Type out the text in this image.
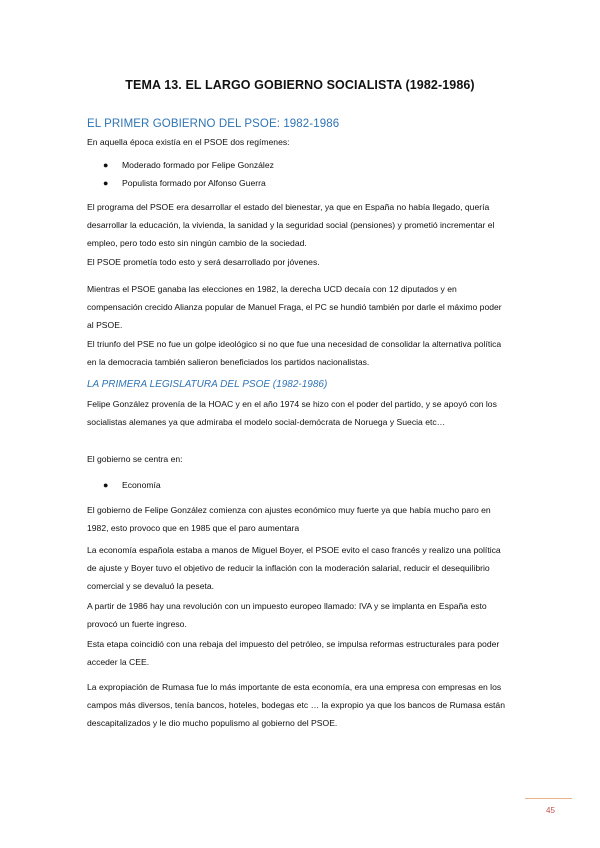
TEMA 13. EL LARGO GOBIERNO SOCIALISTA (1982-1986)
EL PRIMER GOBIERNO DEL PSOE: 1982-1986

En aquella época existía en el PSOE dos regímenes:

● Moderado formado por Felipe González
● Populista formado por Alfonso Guerra

El programa del PSOE era desarrollar el estado del bienestar, ya que en España no había llegado, quería desarrollar la educación, la vivienda, la sanidad y la seguridad social (pensiones) y prometió incrementar el empleo, pero todo esto sin ningún cambio de la sociedad.

El PSOE prometía todo esto y será desarrollado por jóvenes.

Mientras el PSOE ganaba las elecciones en 1982, la derecha UCD decaía con 12 diputados y en compensación crecido Alianza popular de Manuel Fraga, el PC se hundió también por darle el máximo poder al PSOE.

El triunfo del PSE no fue un golpe ideológico si no que fue una necesidad de consolidar la alternativa política en la democracia también salieron beneficiados los partidos nacionalistas.

LA PRIMERA LEGISLATURA DEL PSOE (1982-1986)

Felipe González provenía de la HOAC y en el año 1974 se hizo con el poder del partido, y se apoyó con los socialistas alemanes ya que admiraba el modelo social-demócrata de Noruega y Suecia etc…

El gobierno se centra en:

● Economía

El gobierno de Felipe González comienza con ajustes económico muy fuerte ya que había mucho paro en 1982, esto provoco que en 1985 que el paro aumentara

La economía española estaba a manos de Miguel Boyer, el PSOE evito el caso francés y realizo una política de ajuste y Boyer tuvo el objetivo de reducir la inflación con la moderación salarial, reducir el desequilibrio comercial y se devaluó la peseta.

A partir de 1986 hay una revolución con un impuesto europeo llamado: IVA y se implanta en España esto provocó un fuerte ingreso.

Esta etapa coincidió con una rebaja del impuesto del petróleo, se impulsa reformas estructurales para poder acceder la CEE.

La expropiación de Rumasa fue lo más importante de esta economía, era una empresa con empresas en los campos más diversos, tenía bancos, hoteles, bodegas etc … la expropio ya que los bancos de Rumasa están descapitalizados y le dio mucho populismo al gobierno del PSOE.

45
